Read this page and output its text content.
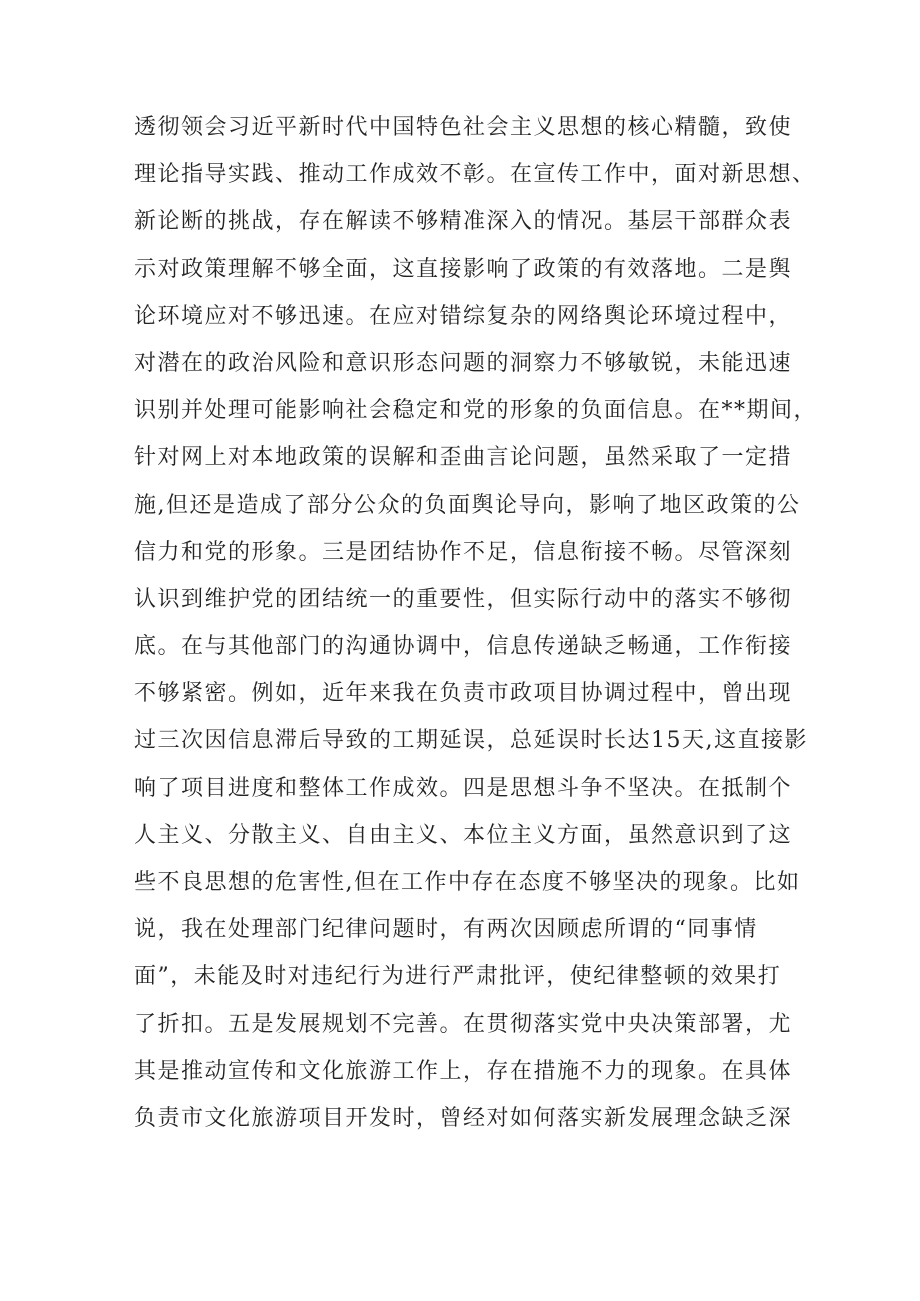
透彻领会习近平新时代中国特色社会主义思想的核心精髓，致使
理论指导实践、推动工作成效不彰。在宣传工作中，面对新思想、
新论断的挑战，存在解读不够精准深入的情况。基层干部群众表
示对政策理解不够全面，这直接影响了政策的有效落地。二是舆
论环境应对不够迅速。在应对错综复杂的网络舆论环境过程中，
对潜在的政治风险和意识形态问题的洞察力不够敏锐，未能迅速
识别并处理可能影响社会稳定和党的形象的负面信息。在**期间，
针对网上对本地政策的误解和歪曲言论问题，虽然采取了一定措
施,但还是造成了部分公众的负面舆论导向，影响了地区政策的公
信力和党的形象。三是团结协作不足，信息衔接不畅。尽管深刻
认识到维护党的团结统一的重要性，但实际行动中的落实不够彻
底。在与其他部门的沟通协调中，信息传递缺乏畅通，工作衔接
不够紧密。例如，近年来我在负责市政项目协调过程中，曾出现
过三次因信息滞后导致的工期延误，总延误时长达15天,这直接影
响了项目进度和整体工作成效。四是思想斗争不坚决。在抵制个
人主义、分散主义、自由主义、本位主义方面，虽然意识到了这
些不良思想的危害性,但在工作中存在态度不够坚决的现象。比如
说，我在处理部门纪律问题时，有两次因顾虑所谓的“同事情
面”，未能及时对违纪行为进行严肃批评，使纪律整顿的效果打
了折扣。五是发展规划不完善。在贯彻落实党中央决策部署，尤
其是推动宣传和文化旅游工作上，存在措施不力的现象。在具体
负责市文化旅游项目开发时，曾经对如何落实新发展理念缺乏深
